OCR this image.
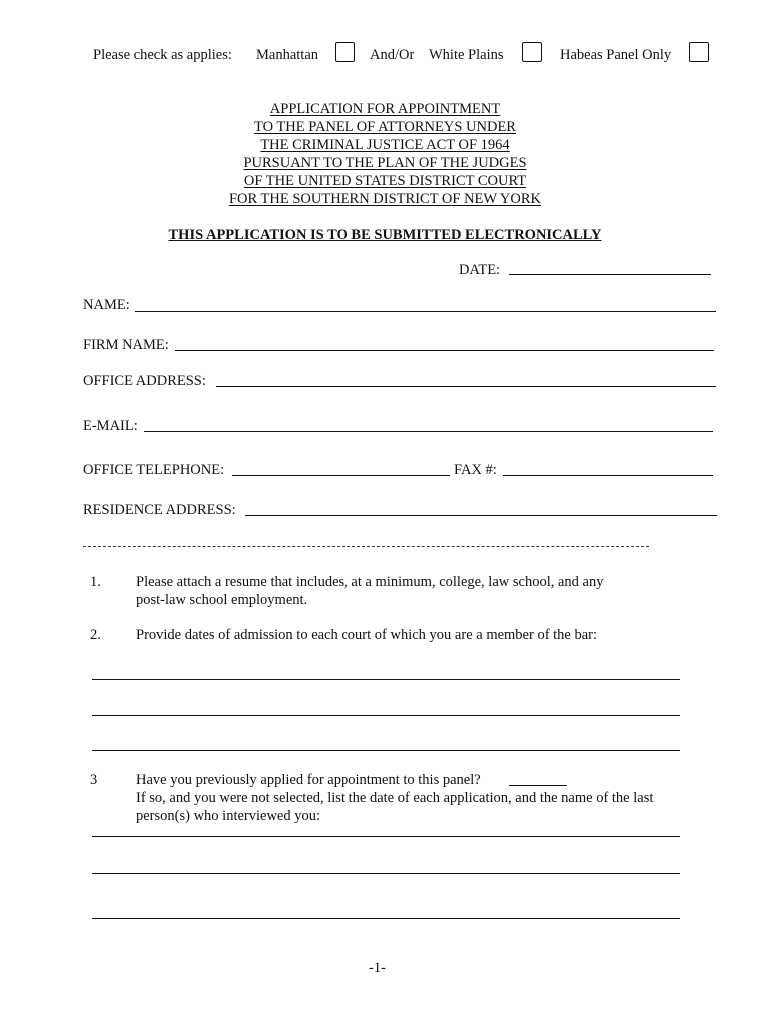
Please check as applies: Manhattan	And/Or White Plains	Habeas Panel Only
APPLICATION FOR APPOINTMENT
TO THE PANEL OF ATTORNEYS UNDER
THE CRIMINAL JUSTICE ACT OF 1964
PURSUANT TO THE PLAN OF THE JUDGES
OF THE UNITED STATES DISTRICT COURT
FOR THE SOUTHERN DISTRICT OF NEW YORK
THIS APPLICATION IS TO BE SUBMITTED ELECTRONICALLY
DATE:
NAME:
FIRM NAME:
OFFICE ADDRESS:
E-MAIL:
OFFICE TELEPHONE:	FAX #:
RESIDENCE ADDRESS:
1. Please attach a resume that includes, at a minimum, college, law school, and any
post-law school employment.
2. Provide dates of admission to each court of which you are a member of the bar:
3	Have you previously applied for appointment to this panel?
If so, and you were not selected, list the date of each application, and the name of the last
person(s) who interviewed you:
-1-
